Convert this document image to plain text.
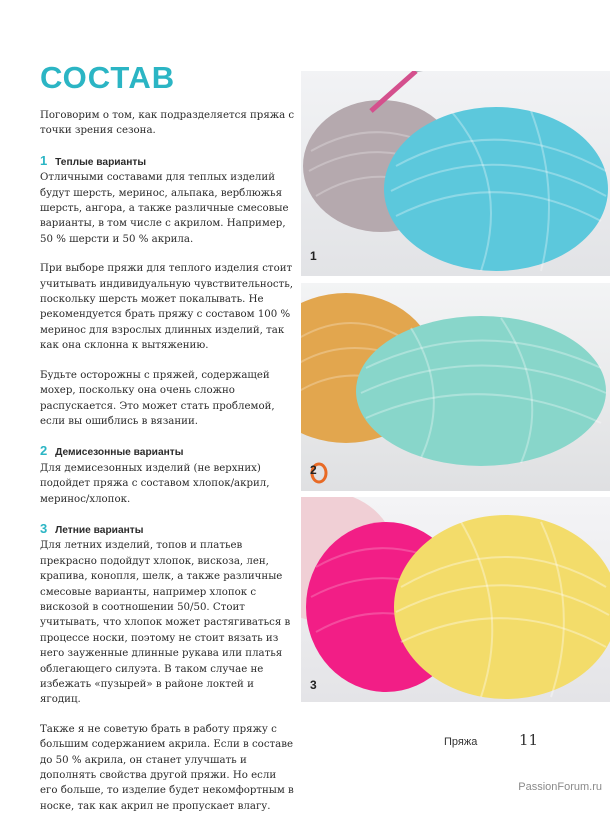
СОСТАВ

Поговорим о том, как подразделяется пряжа с точки зрения сезона.

1 Теплые варианты

Отличными составами для теплых изделий будут шерсть, меринос, альпака, верблюжья шерсть, ангора, а также различные смесовые варианты, в том числе с акрилом. Например, 50 % шерсти и 50 % акрила.

При выборе пряжи для теплого изделия стоит учитывать индивидуальную чувствительность, поскольку шерсть может покалывать. Не рекомендуется брать пряжу с составом 100 % меринос для взрослых длинных изделий, так как она склонна к вытяжению.

Будьте осторожны с пряжей, содержащей мохер, поскольку она очень сложно распускается. Это может стать проблемой, если вы ошиблись в вязании.

2 Демисезонные варианты

Для демисезонных изделий (не верхних) подойдет пряжа с составом хлопок/акрил, меринос/хлопок.

3 Летние варианты

Для летних изделий, топов и платьев прекрасно подойдут хлопок, вискоза, лен, крапива, конопля, шелк, а также различные смесовые варианты, например хлопок с вискозой в соотношении 50/50. Стоит учитывать, что хлопок может растягиваться в процессе носки, поэтому не стоит вязать из него зауженные длинные рукава или платья облегающего силуэта. В таком случае не избежать «пузырей» в районе локтей и ягодиц.

Также я не советую брать в работу пряжу с большим содержанием акрила. Если в составе до 50 % акрила, он станет улучшать и дополнять свойства другой пряжи. Но если его больше, то изделие будет некомфортным в носке, так как акрил не пропускает влагу.

1
2
3
Пряжа	11
PassionForum.ru
